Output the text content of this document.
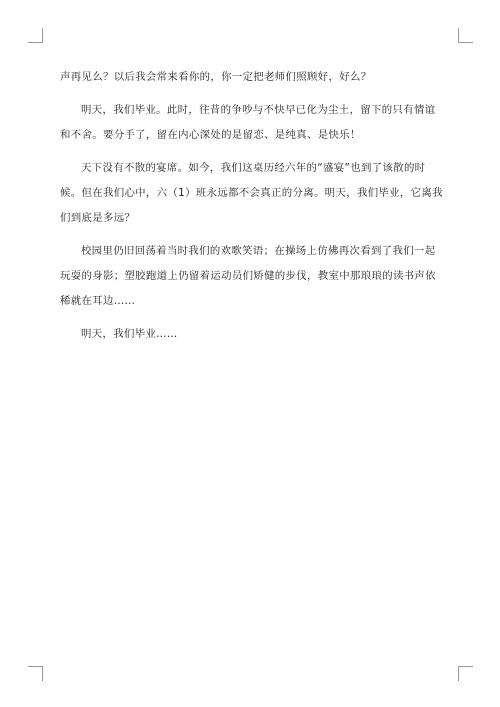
声再见么？以后我会常来看你的，你一定把老师们照顾好，好么？

明天，我们毕业。此时，往昔的争吵与不快早已化为尘土，留下的只有情谊和不舍。要分手了，留在内心深处的是留恋、是纯真、是快乐！

天下没有不散的宴席。如今，我们这桌历经六年的“盛宴”也到了该散的时候。但在我们心中，六（1）班永远都不会真正的分离。明天，我们毕业，它离我们到底是多远？

校园里仍旧回荡着当时我们的欢歌笑语；在操场上仿佛再次看到了我们一起玩耍的身影；塑胶跑道上仍留着运动员们矫健的步伐，教室中那琅琅的读书声依稀就在耳边……

明天，我们毕业……
